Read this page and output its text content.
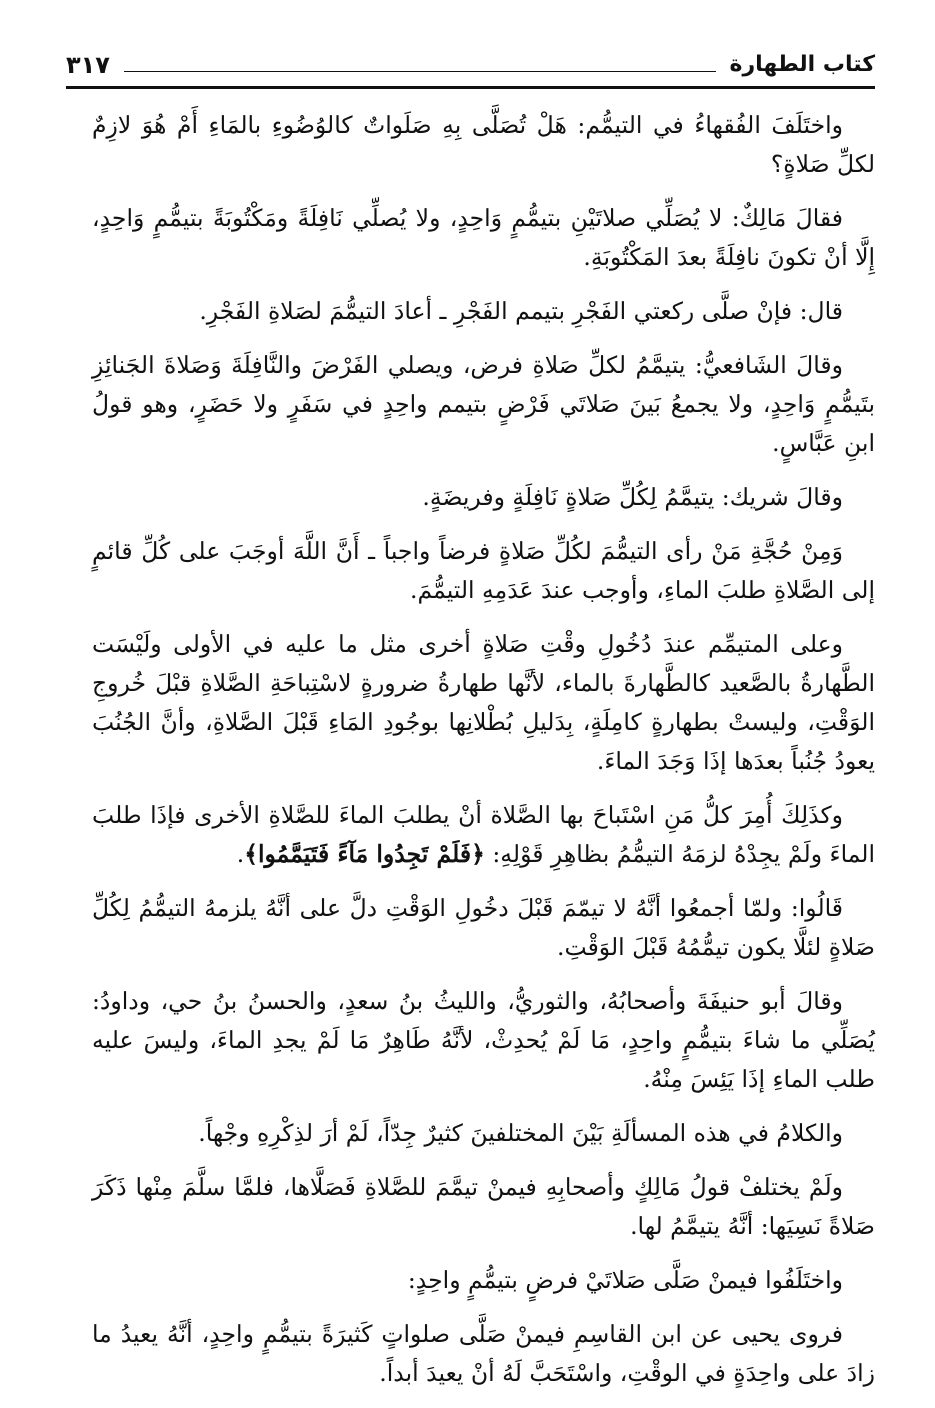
كتاب الطهارة
٣١٧

واختَلَفَ الفُقهاءُ في التيمُّم: هَلْ تُصَلَّى بِهِ صَلَواتٌ كالوُضُوءِ بالمَاءِ أَمْ هُوَ لازِمٌ لكلِّ صَلاةٍ؟

فقالَ مَالِكٌ: لا يُصَلِّي صلاتَيْنِ بتيمُّمٍ وَاحِدٍ، ولا يُصلِّي نَافِلَةً ومَكْتُوبَةً بتيمُّمٍ وَاحِدٍ، إِلَّا أنْ تكونَ نافِلَةً بعدَ المَكْتُوبَةِ.

قال: فإنْ صلَّى ركعتي الفَجْرِ بتيمم الفَجْرِ ـ أعادَ التيمُّمَ لصَلاةِ الفَجْرِ.

وقالَ الشَافعيُّ: يتيمَّمُ لكلِّ صَلاةِ فرض، ويصلي الفَرْضَ والنَّافِلَةَ وَصَلاةَ الجَنائِزِ بتَيمُّمٍ وَاحِدٍ، ولا يجمعُ بَينَ صَلاتَي فَرْضٍ بتيمم واحِدٍ في سَفَرٍ ولا حَضَرٍ، وهو قولُ ابنِ عَبَّاسٍ.

وقالَ شريك: يتيمَّمُ لِكُلِّ صَلاةٍ نَافِلَةٍ وفريضَةٍ.

وَمِنْ حُجَّةِ مَنْ رأى التيمُّمَ لكُلِّ صَلاةٍ فرضاً واجباً ـ أَنَّ اللَّهَ أوجَبَ على كُلِّ قائمٍ إلى الصَّلاةِ طلبَ الماءِ، وأوجب عندَ عَدَمِهِ التيمُّمَ.

وعلى المتيمِّم عندَ دُخُولِ وقْتِ صَلاةٍ أخرى مثل ما عليه في الأولى ولَيْسَت الطَّهارةُ بالصَّعيد كالطَّهارةَ بالماء، لأنَّها طهارةُ ضرورةٍ لاسْتِباحَةِ الصَّلاةِ قبْلَ خُروجِ الوَقْتِ، وليستْ بطهارةٍ كامِلَةٍ، بِدَليلِ بُطْلانِها بوجُودِ المَاءِ قَبْلَ الصَّلاةِ، وأنَّ الجُنُبَ يعودُ جُنُباً بعدَها إذَا وَجَدَ الماءَ.

وكذَلِكَ أُمِرَ كلُّ مَنِ اسْتَباحَ بها الصَّلاة أنْ يطلبَ الماءَ للصَّلاةِ الأخرى فإذَا طلبَ الماءَ ولَمْ يجِدْهُ لزمَهُ التيمُّمُ بظاهِرِ قَوْلِهِ: ﴿فَلَمْ تَجِدُوا مَآءً فَتَيَمَّمُوا﴾.

قَالُوا: ولمّا أجمعُوا أنَّهُ لا تيمّمَ قَبْلَ دخُولِ الوَقْتِ دلَّ على أنَّهُ يلزمهُ التيمُّمُ لِكُلِّ صَلاةٍ لئلَّا يكون تيمُّمُهُ قَبْلَ الوَقْتِ.

وقالَ أبو حنيفَةَ وأصحابُهُ، والثوريُّ، والليثُ بنُ سعدٍ، والحسنُ بنُ حي، وداودُ: يُصَلِّي ما شاءَ بتيمُّمٍ واحِدٍ، مَا لَمْ يُحدِثْ، لأنَّهُ طَاهِرٌ مَا لَمْ يجدِ الماءَ، وليسَ عليه طلب الماءِ إذَا يَئِسَ مِنْهُ.

والكلامُ في هذه المسألَةِ بَيْنَ المختلفينَ كثيرٌ جِدّاً، لَمْ أرَ لذِكْرِهِ وجْهاً.

ولَمْ يختلفْ قولُ مَالِكٍ وأصحابِهِ فيمنْ تيمَّمَ للصَّلاةِ فَصَلَّاها، فلمَّا سلَّمَ مِنْها ذَكَرَ صَلاةً نَسِيَها: أنَّهُ يتيمَّمُ لها.

واختَلَفُوا فيمنْ صَلَّى صَلاتَيْ فرضٍ بتيمُّمٍ واحِدٍ:

فروى يحيى عن ابن القاسِمِ فيمنْ صَلَّى صلواتٍ كَثيرَةً بتيمُّمٍ واحِدٍ، أنَّهُ يعيدُ ما زادَ على واحِدَةٍ في الوقْتِ، واسْتَحَبَّ لَهُ أنْ يعيدَ أبداً.
